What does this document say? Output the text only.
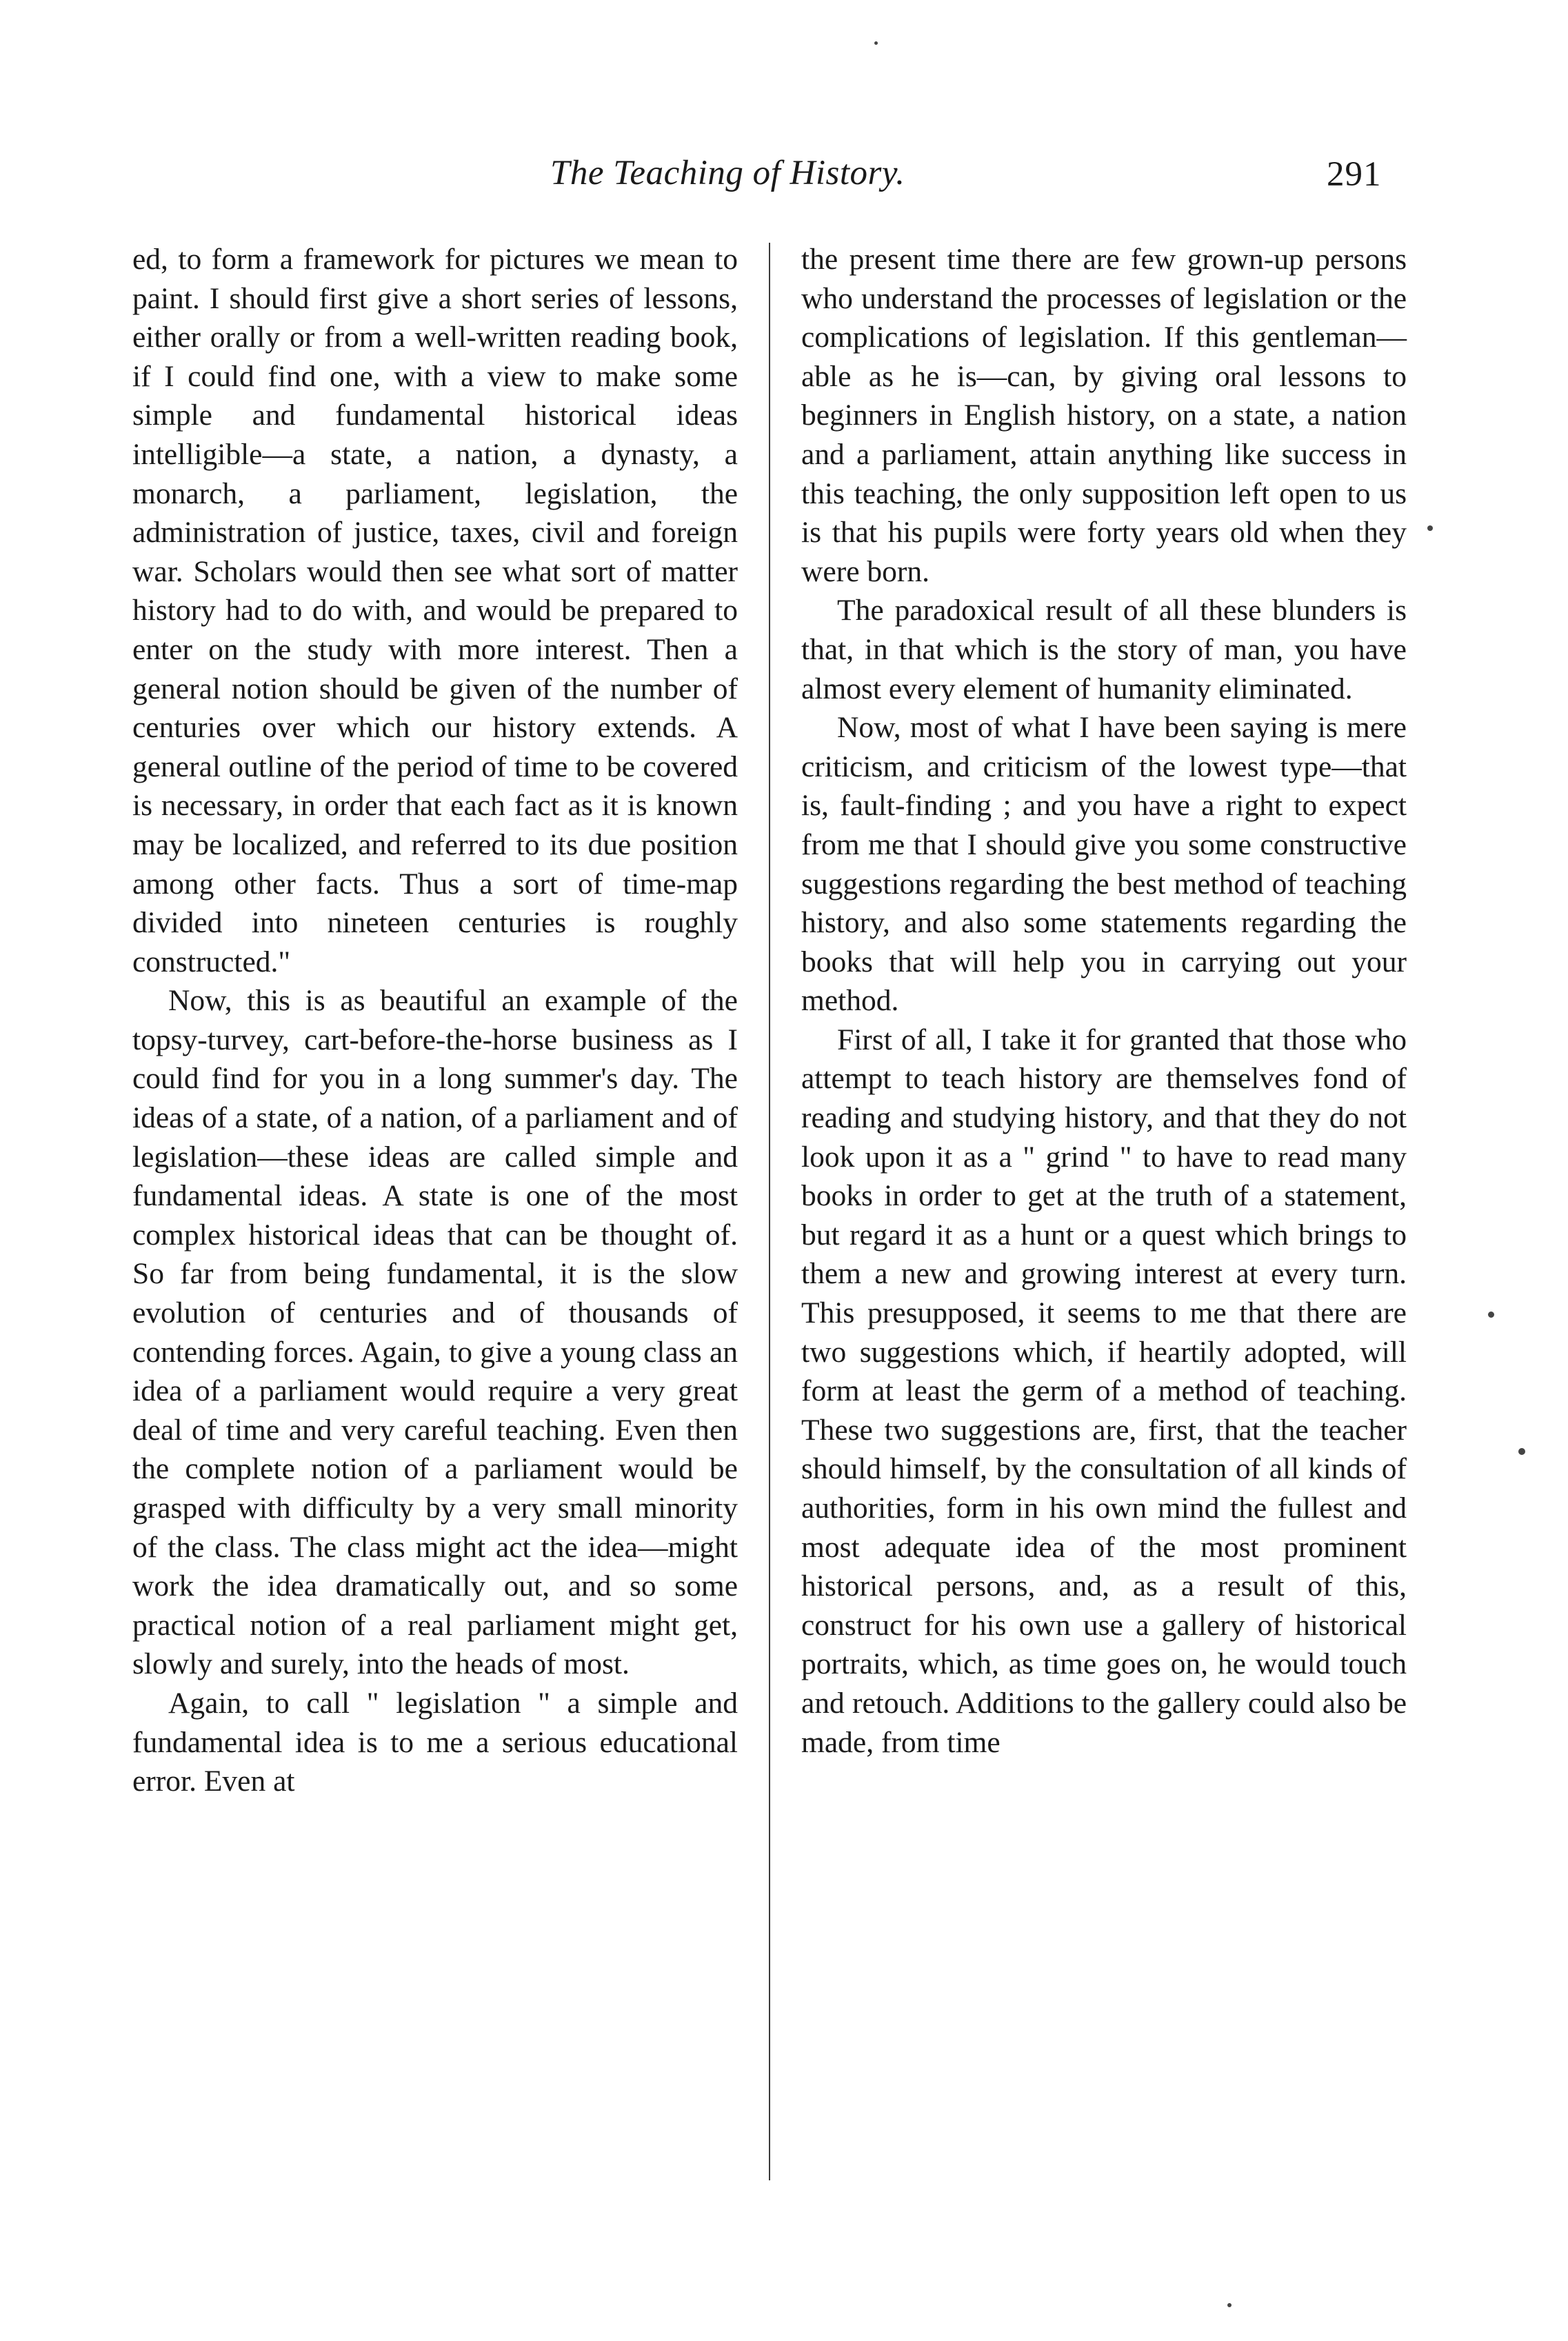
The Teaching of History.	291

ed, to form a framework for pictures we mean to paint. I should first give a short series of lessons, either orally or from a well-written reading book, if I could find one, with a view to make some simple and fundamental historical ideas intelligible—a state, a nation, a dynasty, a monarch, a parliament, legislation, the administration of justice, taxes, civil and foreign war. Scholars would then see what sort of matter history had to do with, and would be prepared to enter on the study with more interest. Then a general notion should be given of the number of centuries over which our history extends. A general outline of the period of time to be covered is necessary, in order that each fact as it is known may be localized, and referred to its due position among other facts. Thus a sort of time-map divided into nineteen centuries is roughly constructed."

Now, this is as beautiful an example of the topsy-turvey, cart-before-the-horse business as I could find for you in a long summer's day. The ideas of a state, of a nation, of a parliament and of legislation—these ideas are called simple and fundamental ideas. A state is one of the most complex historical ideas that can be thought of. So far from being fundamental, it is the slow evolution of centuries and of thousands of contending forces. Again, to give a young class an idea of a parliament would require a very great deal of time and very careful teaching. Even then the complete notion of a parliament would be grasped with difficulty by a very small minority of the class. The class might act the idea—might work the idea dramatically out, and so some practical notion of a real parliament might get, slowly and surely, into the heads of most.

Again, to call " legislation " a simple and fundamental idea is to me a serious educational error. Even at

the present time there are few grown-up persons who understand the processes of legislation or the complications of legislation. If this gentleman—able as he is—can, by giving oral lessons to beginners in English history, on a state, a nation and a parliament, attain anything like success in this teaching, the only supposition left open to us is that his pupils were forty years old when they were born.

The paradoxical result of all these blunders is that, in that which is the story of man, you have almost every element of humanity eliminated.

Now, most of what I have been saying is mere criticism, and criticism of the lowest type—that is, fault-finding ; and you have a right to expect from me that I should give you some constructive suggestions regarding the best method of teaching history, and also some statements regarding the books that will help you in carrying out your method.

First of all, I take it for granted that those who attempt to teach history are themselves fond of reading and studying history, and that they do not look upon it as a " grind " to have to read many books in order to get at the truth of a statement, but regard it as a hunt or a quest which brings to them a new and growing interest at every turn. This presupposed, it seems to me that there are two suggestions which, if heartily adopted, will form at least the germ of a method of teaching. These two suggestions are, first, that the teacher should himself, by the consultation of all kinds of authorities, form in his own mind the fullest and most adequate idea of the most prominent historical persons, and, as a result of this, construct for his own use a gallery of historical portraits, which, as time goes on, he would touch and retouch. Additions to the gallery could also be made, from time
